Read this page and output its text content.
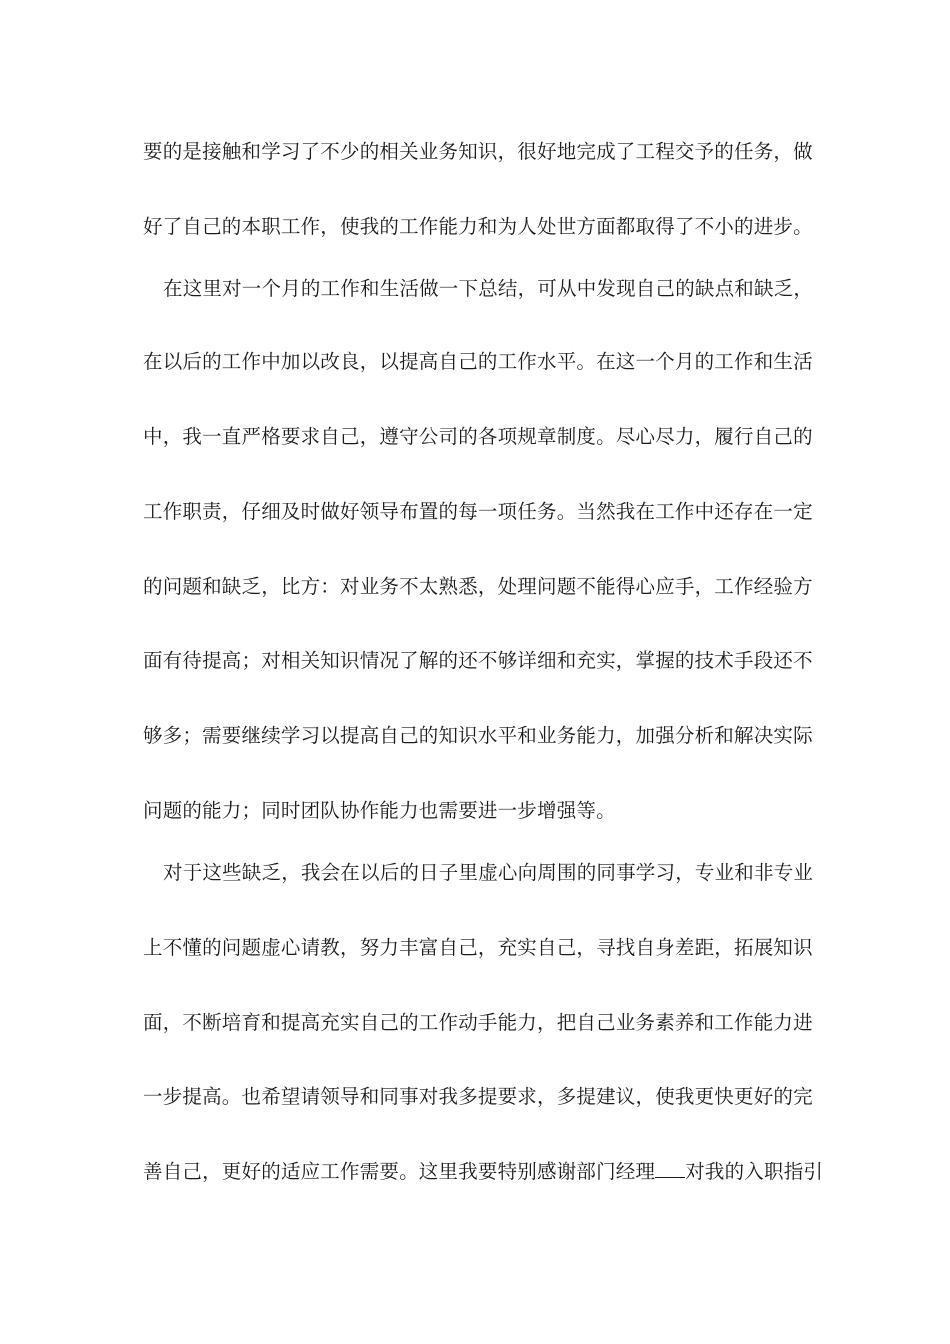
要的是接触和学习了不少的相关业务知识，很好地完成了工程交予的任务，做
好了自己的本职工作，使我的工作能力和为人处世方面都取得了不小的进步。
在这里对一个月的工作和生活做一下总结，可从中发现自己的缺点和缺乏，
在以后的工作中加以改良，以提高自己的工作水平。在这一个月的工作和生活
中，我一直严格要求自己，遵守公司的各项规章制度。尽心尽力，履行自己的
工作职责，仔细及时做好领导布置的每一项任务。当然我在工作中还存在一定
的问题和缺乏，比方：对业务不太熟悉，处理问题不能得心应手，工作经验方
面有待提高；对相关知识情况了解的还不够详细和充实，掌握的技术手段还不
够多；需要继续学习以提高自己的知识水平和业务能力，加强分析和解决实际
问题的能力；同时团队协作能力也需要进一步增强等。
对于这些缺乏，我会在以后的日子里虚心向周围的同事学习，专业和非专业
上不懂的问题虚心请教，努力丰富自己，充实自己，寻找自身差距，拓展知识
面，不断培育和提高充实自己的工作动手能力，把自己业务素养和工作能力进
一步提高。也希望请领导和同事对我多提要求，多提建议，使我更快更好的完
善自己，更好的适应工作需要。这里我要特别感谢部门经理 对我的入职指引
